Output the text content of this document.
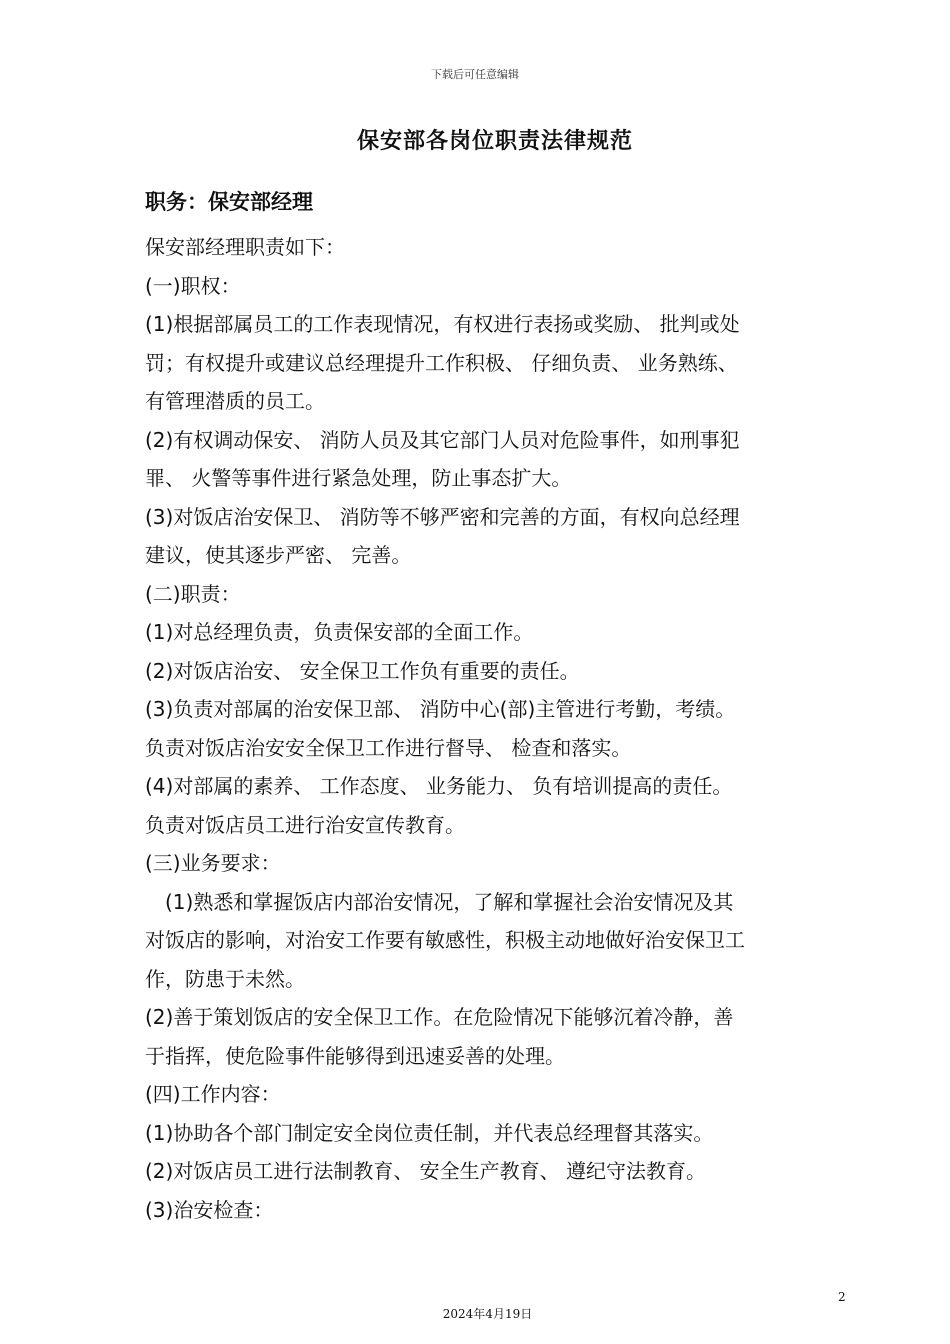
下载后可任意编辑
保安部各岗位职责法律规范
职务：保安部经理

保安部经理职责如下：

(一)职权：

(1)根据部属员工的工作表现情况，有权进行表扬或奖励、 批判或处

罚；有权提升或建议总经理提升工作积极、 仔细负责、 业务熟练、

有管理潜质的员工。

(2)有权调动保安、 消防人员及其它部门人员对危险事件，如刑事犯

罪、 火警等事件进行紧急处理，防止事态扩大。

(3)对饭店治安保卫、 消防等不够严密和完善的方面，有权向总经理

建议，使其逐步严密、 完善。

(二)职责：

(1)对总经理负责，负责保安部的全面工作。

(2)对饭店治安、 安全保卫工作负有重要的责任。

(3)负责对部属的治安保卫部、 消防中心(部)主管进行考勤，考绩。

负责对饭店治安安全保卫工作进行督导、 检查和落实。

(4)对部属的素养、 工作态度、 业务能力、 负有培训提高的责任。

负责对饭店员工进行治安宣传教育。

(三)业务要求：

(1)熟悉和掌握饭店内部治安情况，了解和掌握社会治安情况及其

对饭店的影响，对治安工作要有敏感性，积极主动地做好治安保卫工

作，防患于未然。

(2)善于策划饭店的安全保卫工作。在危险情况下能够沉着冷静，善

于指挥，使危险事件能够得到迅速妥善的处理。

(四)工作内容：

(1)协助各个部门制定安全岗位责任制，并代表总经理督其落实。

(2)对饭店员工进行法制教育、 安全生产教育、 遵纪守法教育。

(3)治安检查：

2
2024年4月19日
